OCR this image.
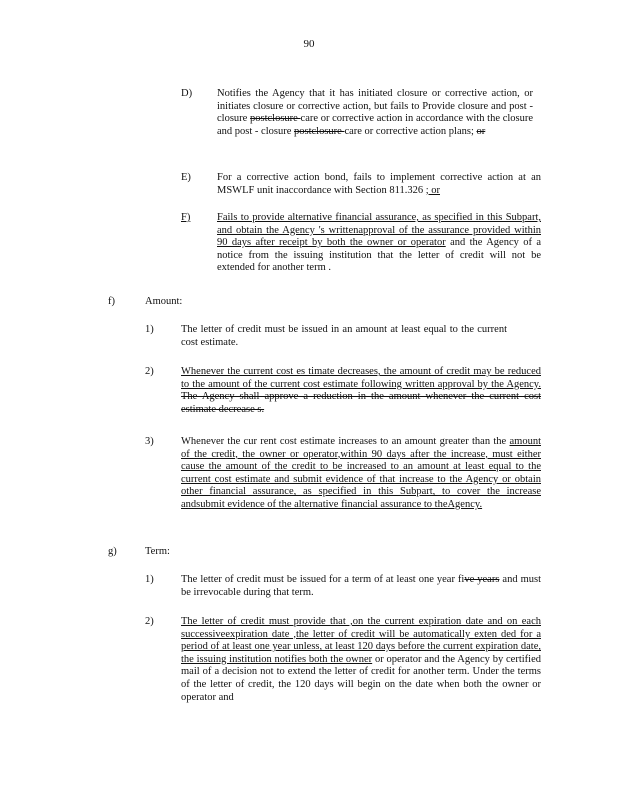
90
D) Notifies the Agency that it has initiated closure or corrective action, or initiates closure or corrective action, but fails to Provide closure and post - closure postclosure care or corrective action in accordance with the closure and post - closure postclosure care or corrective action plans; or

E) For a corrective action bond, fails to implement corrective action at an MSWLF unit inaccordance with Section 811.326 ; or

F)	Fails to provide alternative financial assurance, as specified in this Subpart, and obtain the Agency 's writtenapproval of the assurance provided within 90 days after receipt by both the owner or operator and the Agency of a notice from the issuing institution that the letter of credit will not be extended for another term .

f)	Amount:
1)	The letter of credit must be issued in an amount at least equal to the current cost estimate.

2)	Whenever the current cost es timate decreases, the amount of credit may be reduced to the amount of the current cost estimate following written approval by the Agency. The Agency shall approve a reduction in the amount whenever the current cost estimate decrease s.

3)	Whenever the cur rent cost estimate increases to an amount greater than the amount of the credit, the owner or operator,within 90 days after the increase, must either cause the amount of the credit to be increased to an amount at least equal to the current cost estimate and submit evidence of that increase to the Agency or obtain other financial assurance, as specified in this Subpart, to cover the increase andsubmit evidence of the alternative financial assurance to theAgency.

g)	Term:
1)	The letter of credit must be issued for a term of at least one year five years and must be irrevocable during that term.

2)	The letter of credit must provide that ,on the current expiration date and on each successiveexpiration date ,the letter of credit will be automatically exten ded for a period of at least one year unless, at least 120 days before the current expiration date, the issuing institution notifies both the owner or operator and the Agency by certified mail of a decision not to extend the letter of credit for another term. Under the terms of the letter of credit, the 120 days will begin on the date when both the owner or operator and
